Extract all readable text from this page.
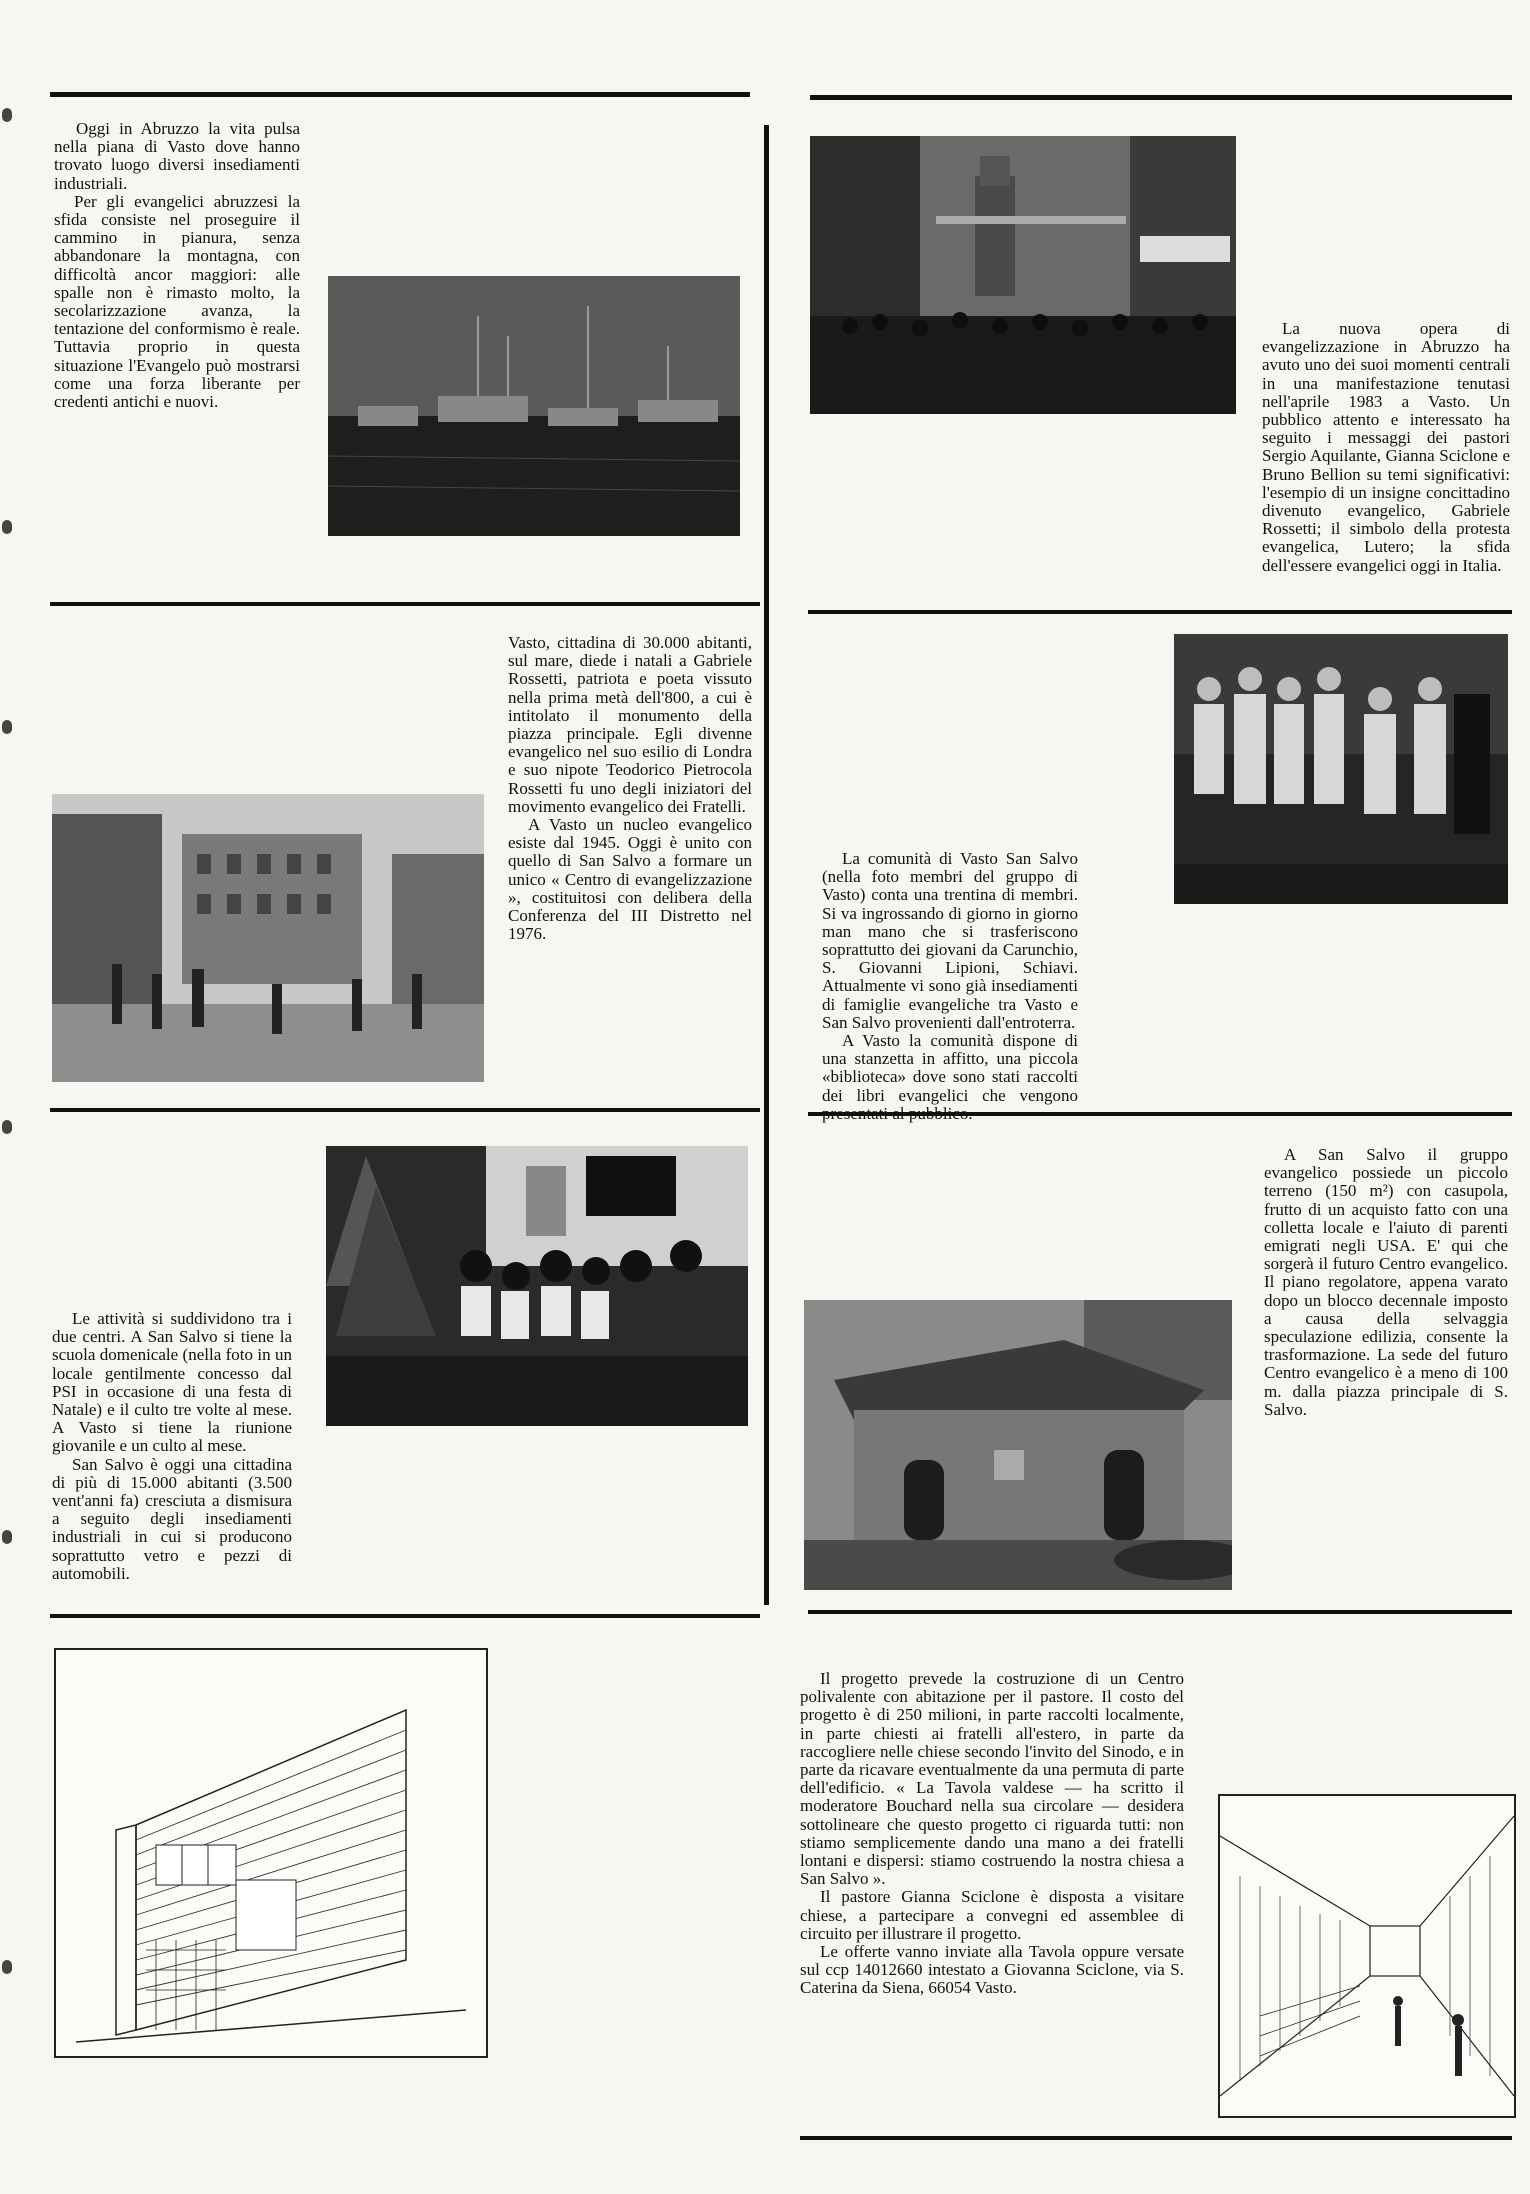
Oggi in Abruzzo la vita pulsa nella piana di Vasto dove hanno trovato luogo diversi insediamenti industriali.

Per gli evangelici abruzzesi la sfida consiste nel proseguire il cammino in pianura, senza abbandonare la montagna, con difficoltà ancor maggiori: alle spalle non è rimasto molto, la secolarizzazione avanza, la tentazione del conformismo è reale. Tuttavia proprio in questa situazione l'Evangelo può mostrarsi come una forza liberante per credenti antichi e nuovi.

La nuova opera di evangelizzazione in Abruzzo ha avuto uno dei suoi momenti centrali in una manifestazione tenutasi nell'aprile 1983 a Vasto. Un pubblico attento e interessato ha seguito i messaggi dei pastori Sergio Aquilante, Gianna Sciclone e Bruno Bellion su temi significativi: l'esempio di un insigne concittadino divenuto evangelico, Gabriele Rossetti; il simbolo della protesta evangelica, Lutero; la sfida dell'essere evangelici oggi in Italia.

Vasto, cittadina di 30.000 abitanti, sul mare, diede i natali a Gabriele Rossetti, patriota e poeta vissuto nella prima metà dell'800, a cui è intitolato il monumento della piazza principale. Egli divenne evangelico nel suo esilio di Londra e suo nipote Teodorico Pietrocola Rossetti fu uno degli iniziatori del movimento evangelico dei Fratelli.

A Vasto un nucleo evangelico esiste dal 1945. Oggi è unito con quello di San Salvo a formare un unico « Centro di evangelizzazione », costituitosi con delibera della Conferenza del III Distretto nel 1976.

La comunità di Vasto San Salvo (nella foto membri del gruppo di Vasto) conta una trentina di membri. Si va ingrossando di giorno in giorno man mano che si trasferiscono soprattutto dei giovani da Carunchio, S. Giovanni Lipioni, Schiavi. Attualmente vi sono già insediamenti di famiglie evangeliche tra Vasto e San Salvo provenienti dall'entroterra.

A Vasto la comunità dispone di una stanzetta in affitto, una piccola «biblioteca» dove sono stati raccolti dei libri evangelici che vengono presentati al pubblico.

Le attività si suddividono tra i due centri. A San Salvo si tiene la scuola domenicale (nella foto in un locale gentilmente concesso dal PSI in occasione di una festa di Natale) e il culto tre volte al mese. A Vasto si tiene la riunione giovanile e un culto al mese.

San Salvo è oggi una cittadina di più di 15.000 abitanti (3.500 vent'anni fa) cresciuta a dismisura a seguito degli insediamenti industriali in cui si producono soprattutto vetro e pezzi di automobili.

A San Salvo il gruppo evangelico possiede un piccolo terreno (150 m²) con casupola, frutto di un acquisto fatto con una colletta locale e l'aiuto di parenti emigrati negli USA. E' qui che sorgerà il futuro Centro evangelico. Il piano regolatore, appena varato dopo un blocco decennale imposto a causa della selvaggia speculazione edilizia, consente la trasformazione. La sede del futuro Centro evangelico è a meno di 100 m. dalla piazza principale di S. Salvo.

Il progetto prevede la costruzione di un Centro polivalente con abitazione per il pastore. Il costo del progetto è di 250 milioni, in parte raccolti localmente, in parte chiesti ai fratelli all'estero, in parte da raccogliere nelle chiese secondo l'invito del Sinodo, e in parte da ricavare eventualmente da una permuta di parte dell'edificio. « La Tavola valdese — ha scritto il moderatore Bouchard nella sua circolare — desidera sottolineare che questo progetto ci riguarda tutti: non stiamo semplicemente dando una mano a dei fratelli lontani e dispersi: stiamo costruendo la nostra chiesa a San Salvo ».

Il pastore Gianna Sciclone è disposta a visitare chiese, a partecipare a convegni ed assemblee di circuito per illustrare il progetto.

Le offerte vanno inviate alla Tavola oppure versate sul ccp 14012660 intestato a Giovanna Sciclone, via S. Caterina da Siena, 66054 Vasto.
